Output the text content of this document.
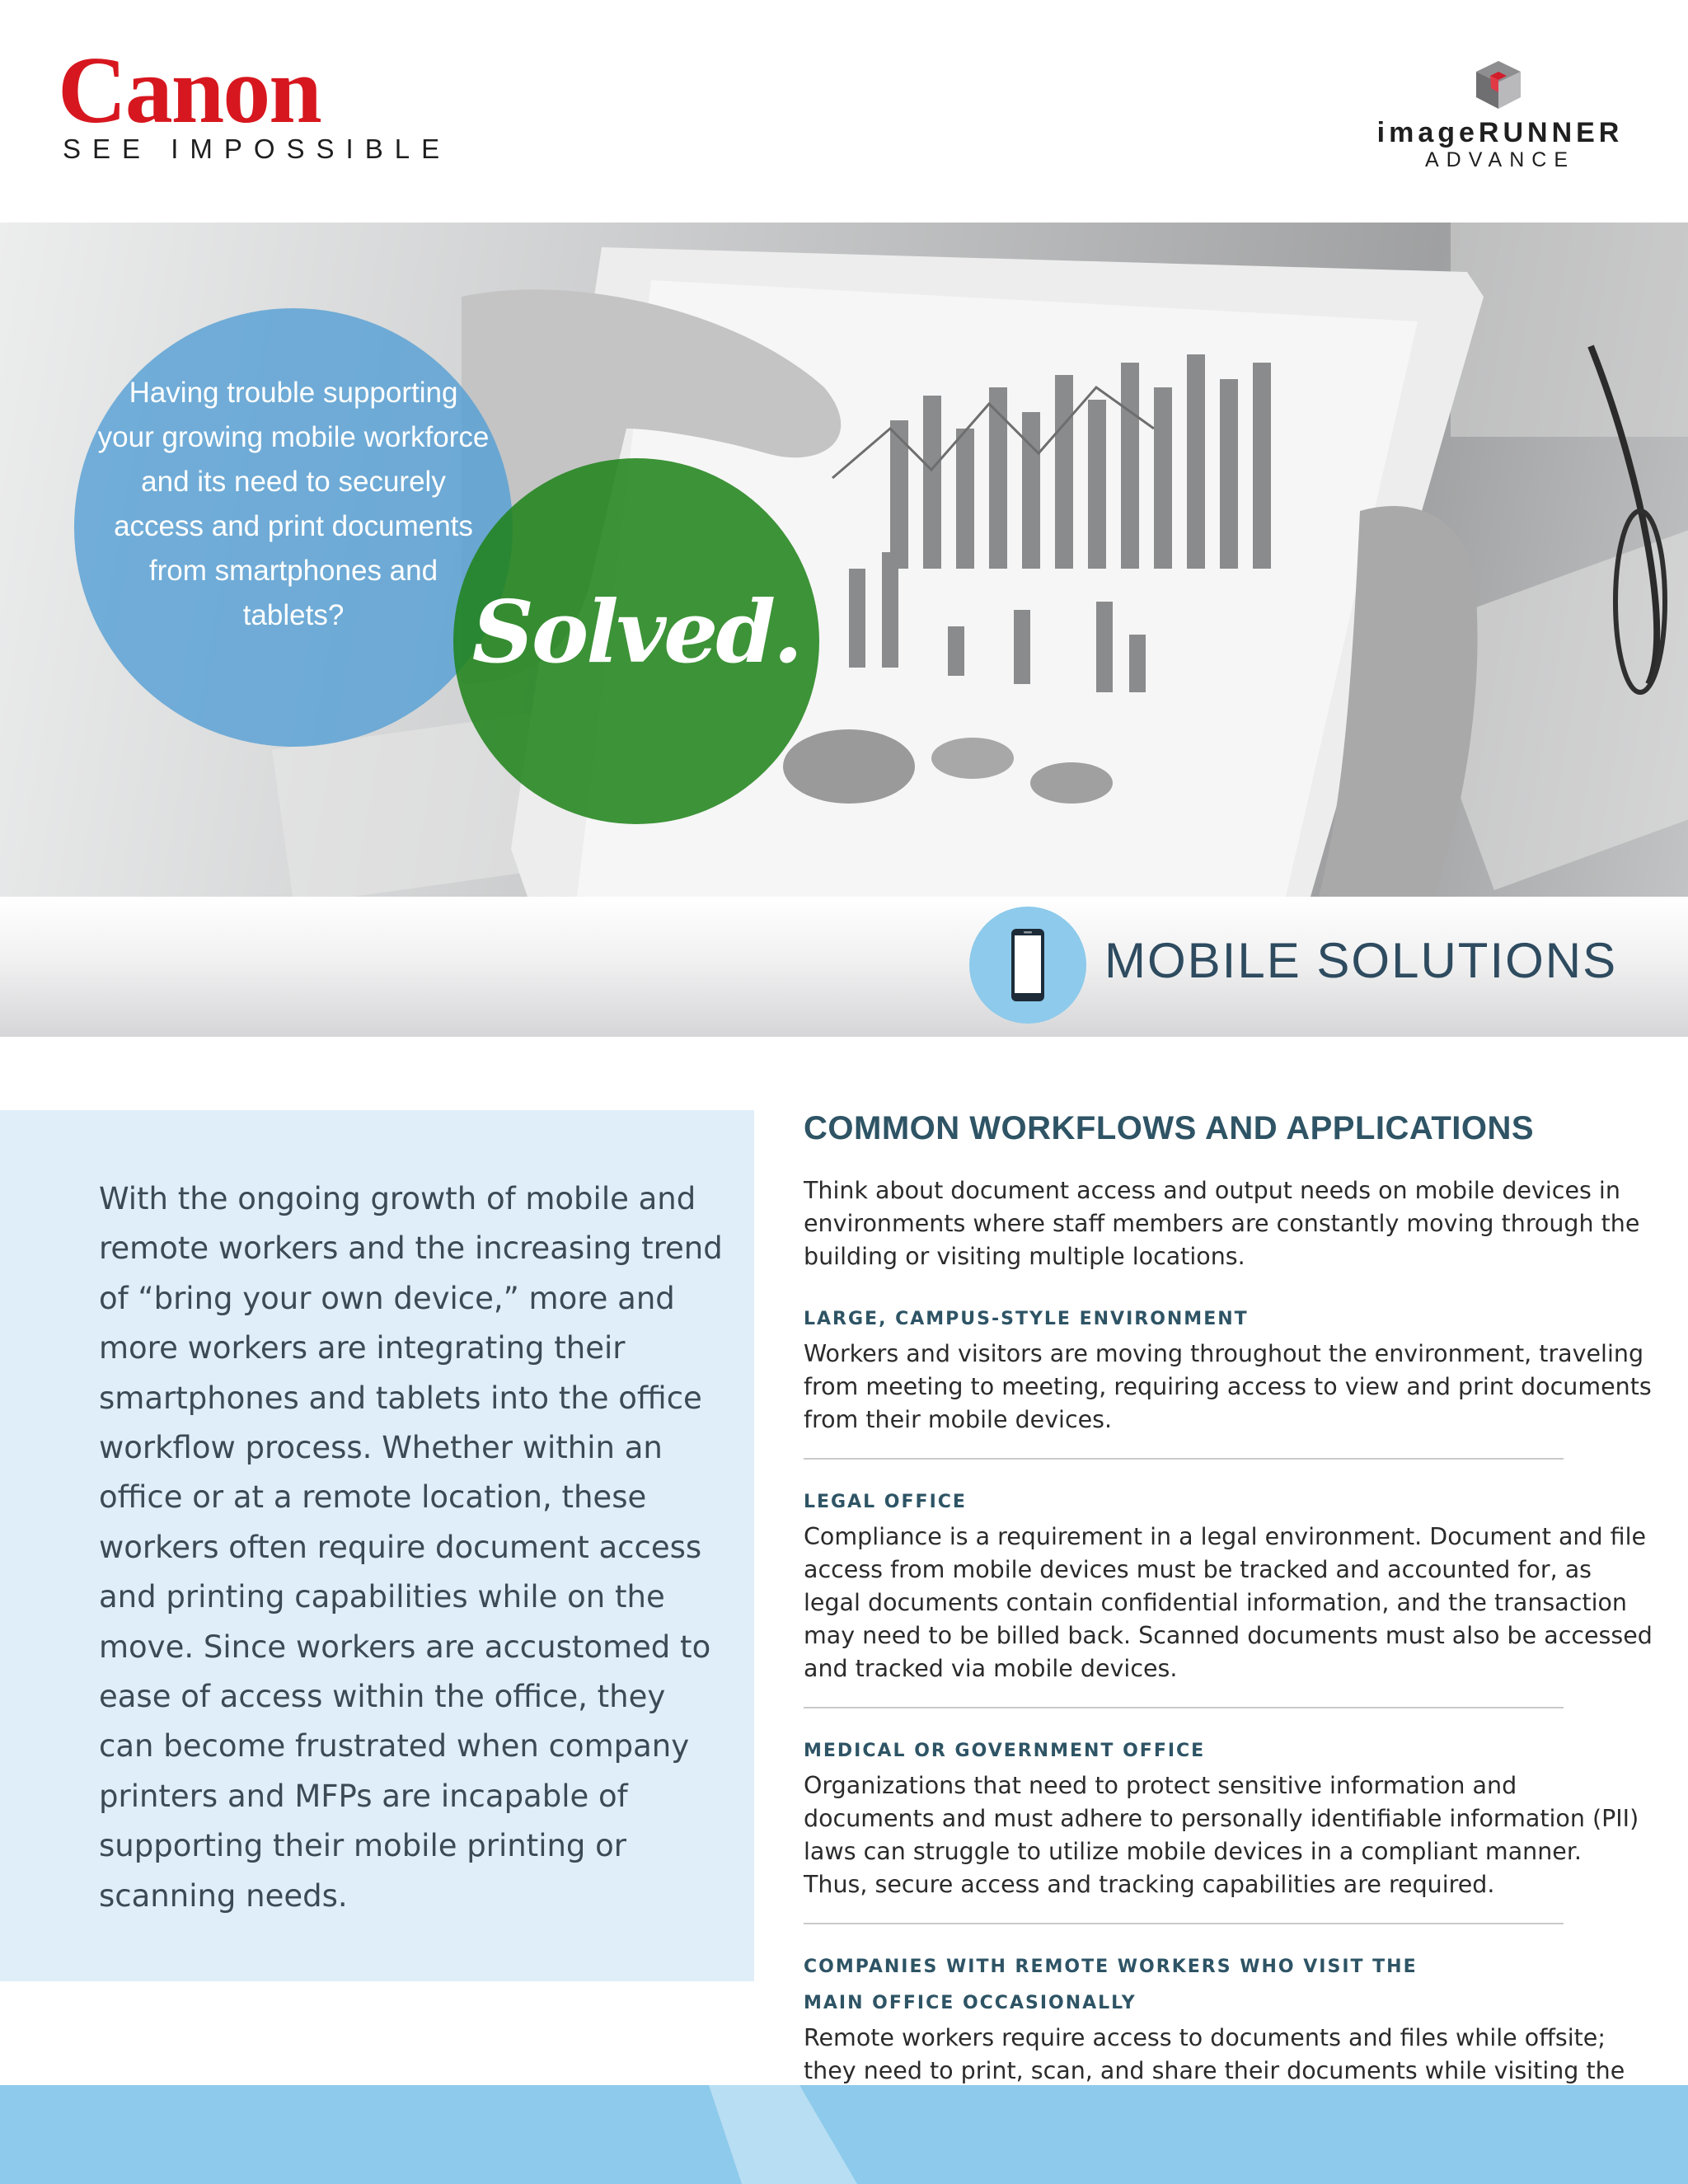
Canon
SEE IMPOSSIBLE
imageRUNNER
ADVANCE
Having trouble supporting your growing mobile workforce and its need to securely access and print documents from smartphones and tablets?	Solved.
MOBILE SOLUTIONS

With the ongoing growth of mobile and remote workers and the increasing trend of “bring your own device,” more and more workers are integrating their smartphones and tablets into the office workflow process. Whether within an office or at a remote location, these workers often require document access and printing capabilities while on the move. Since workers are accustomed to ease of access within the office, they can become frustrated when company printers and MFPs are incapable of supporting their mobile printing or scanning needs.

COMMON WORKFLOWS AND APPLICATIONS

Think about document access and output needs on mobile devices in environments where staff members are constantly moving through the building or visiting multiple locations.

LARGE, CAMPUS-STYLE ENVIRONMENT

Workers and visitors are moving throughout the environment, traveling from meeting to meeting, requiring access to view and print documents from their mobile devices.

LEGAL OFFICE

Compliance is a requirement in a legal environment. Document and file access from mobile devices must be tracked and accounted for, as legal documents contain confidential information, and the transaction may need to be billed back. Scanned documents must also be accessed and tracked via mobile devices.

MEDICAL OR GOVERNMENT OFFICE

Organizations that need to protect sensitive information and documents and must adhere to personally identifiable information (PII) laws can struggle to utilize mobile devices in a compliant manner. Thus, secure access and tracking capabilities are required.

COMPANIES WITH REMOTE WORKERS WHO VISIT THE MAIN OFFICE OCCASIONALLY

Remote workers require access to documents and files while offsite; they need to print, scan, and share their documents while visiting the
